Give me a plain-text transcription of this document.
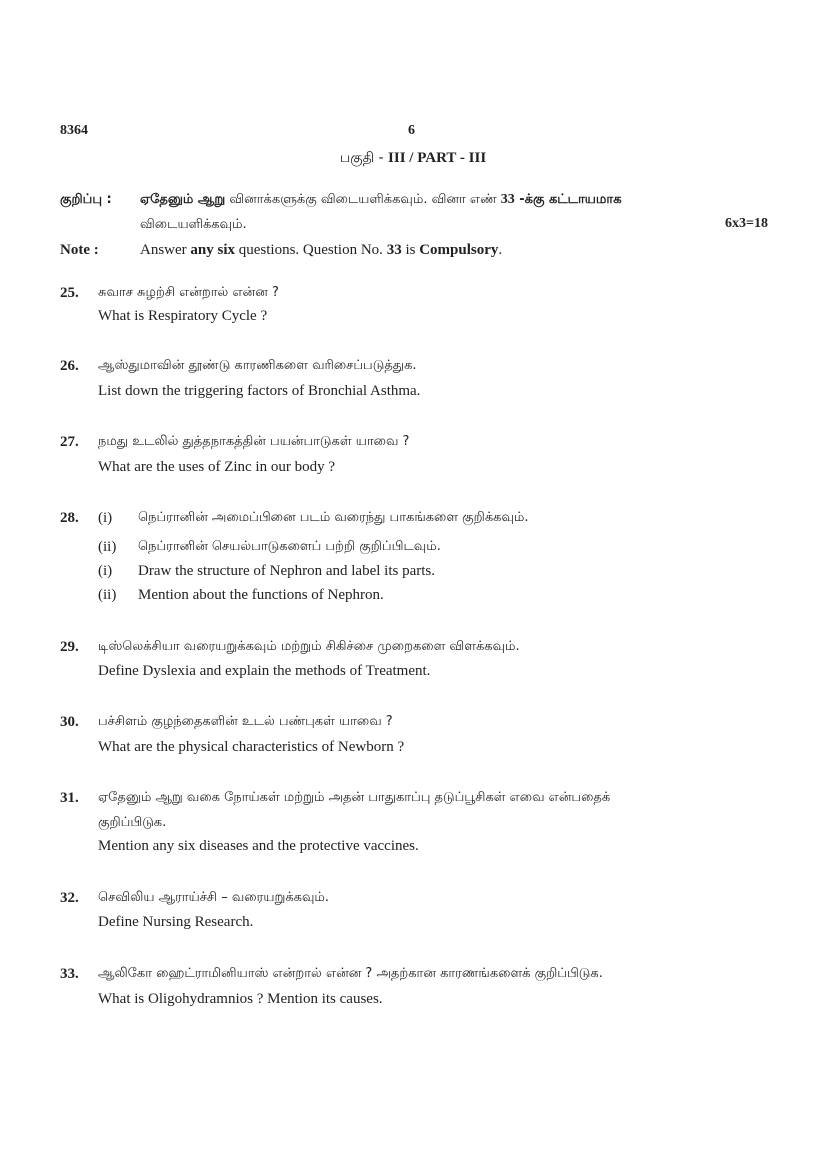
8364	6
பகுதி - III / PART - III
குறிப்பு : ஏதேனும் ஆறு வினாக்களுக்கு விடையளிக்கவும். வினா எண் 33 -க்கு கட்டாயமாக
விடையளிக்கவும்.	6x3=18
Note :	Answer any six questions. Question No. 33 is Compulsory.
25. சுவாச சுழற்சி என்றால் என்ன ?
What is Respiratory Cycle ?
26. ஆஸ்துமாவின் தூண்டு காரணிகளை வரிசைப்படுத்துக.
List down the triggering factors of Bronchial Asthma.
27. நமது உடலில் துத்தநாகத்தின் பயன்பாடுகள் யாவை ?
What are the uses of Zinc in our body ?
28. (i) நெப்ரானின் அமைப்பினை படம் வரைந்து பாகங்களை குறிக்கவும்.
(ii) நெப்ரானின் செயல்பாடுகளைப் பற்றி குறிப்பிடவும்.
(i) Draw the structure of Nephron and label its parts.
(ii) Mention about the functions of Nephron.
29. டிஸ்லெக்சியா வரையறுக்கவும் மற்றும் சிகிச்சை முறைகளை விளக்கவும்.
Define Dyslexia and explain the methods of Treatment.
30. பச்சிளம் குழந்தைகளின் உடல் பண்புகள் யாவை ?
What are the physical characteristics of Newborn ?
31. ஏதேனும் ஆறு வகை நோய்கள் மற்றும் அதன் பாதுகாப்பு தடுப்பூசிகள் எவை என்பதைக்
குறிப்பிடுக.
Mention any six diseases and the protective vaccines.
32. செவிலிய ஆராய்ச்சி – வரையறுக்கவும்.
Define Nursing Research.
33. ஆலிகோ ஹைட்ராமினியாஸ் என்றால் என்ன ? அதற்கான காரணங்களைக் குறிப்பிடுக.
What is Oligohydramnios ? Mention its causes.
